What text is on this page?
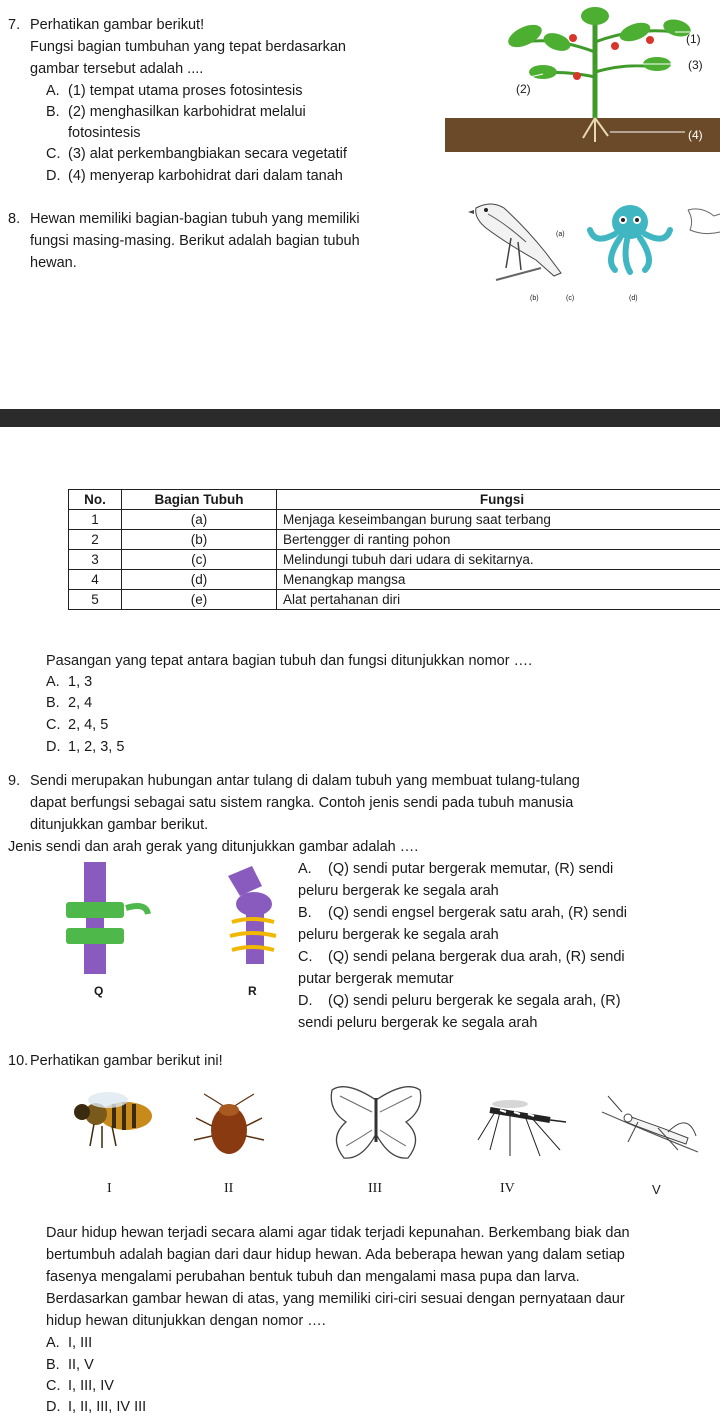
7. Perhatikan gambar berikut!
Fungsi bagian tumbuhan yang tepat berdasarkan
gambar tersebut adalah ....
A. (1) tempat utama proses fotosintesis
B. (2) menghasilkan karbohidrat melalui
fotosintesis
C. (3) alat perkembangbiakan secara vegetatif
D. (4) menyerap karbohidrat dari dalam tanah
(1)
(2)
(3)
(4)
8. Hewan memiliki bagian-bagian tubuh yang memiliki
fungsi masing-masing. Berikut adalah bagian tubuh
hewan.
(a)
(b)	(c)	(d)
No.	Bagian Tubuh	Fungsi
1	(a)	Menjaga keseimbangan burung saat terbang
2	(b)	Bertengger di ranting pohon
3	(c)	Melindungi tubuh dari udara di sekitarnya.
4	(d)	Menangkap mangsa
5	(e)	Alat pertahanan diri
Pasangan yang tepat antara bagian tubuh dan fungsi ditunjukkan nomor ….
A. 1, 3
B. 2, 4
C. 2, 4, 5
D. 1, 2, 3, 5
9. Sendi merupakan hubungan antar tulang di dalam tubuh yang membuat tulang-tulang
dapat berfungsi sebagai satu sistem rangka. Contoh jenis sendi pada tubuh manusia
ditunjukkan gambar berikut.
Jenis sendi dan arah gerak yang ditunjukkan gambar adalah ….
Q	R
A. (Q) sendi putar bergerak memutar, (R) sendi
peluru bergerak ke segala arah
B. (Q) sendi engsel bergerak satu arah, (R) sendi
peluru bergerak ke segala arah
C. (Q) sendi pelana bergerak dua arah, (R) sendi
putar bergerak memutar
D. (Q) sendi peluru bergerak ke segala arah, (R)
sendi peluru bergerak ke segala arah
10. Perhatikan gambar berikut ini!
I	II	III	IV	V
Daur hidup hewan terjadi secara alami agar tidak terjadi kepunahan. Berkembang biak dan
bertumbuh adalah bagian dari daur hidup hewan. Ada beberapa hewan yang dalam setiap
fasenya mengalami perubahan bentuk tubuh dan mengalami masa pupa dan larva.
Berdasarkan gambar hewan di atas, yang memiliki ciri-ciri sesuai dengan pernyataan daur
hidup hewan ditunjukkan dengan nomor ….
A. I, III
B. II, V
C. I, III, IV
D. I, II, III, IV III
